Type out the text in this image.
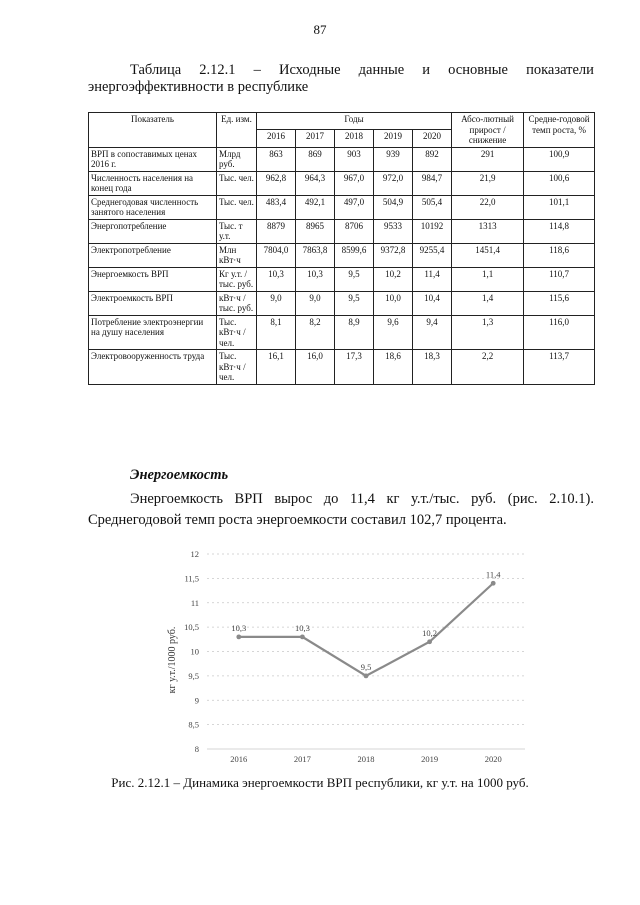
87
Таблица 2.12.1 – Исходные данные и основные показатели
энергоэффективности в республике
Показатель	Ед. изм.	Годы					Абсо-лютный прирост / снижение	Средне-годовой темп роста, %
		2016	2017	2018	2019	2020		
ВРП в сопоставимых ценах 2016 г.	Млрд руб.	863	869	903	939	892	291	100,9
Численность населения на конец года	Тыс. чел.	962,8	964,3	967,0	972,0	984,7	21,9	100,6
Среднегодовая численность занятого населения	Тыс. чел.	483,4	492,1	497,0	504,9	505,4	22,0	101,1
Энергопотребление	Тыс. т у.т.	8879	8965	8706	9533	10192	1313	114,8
Электропотребление	Млн кВт·ч	7804,0	7863,8	8599,6	9372,8	9255,4	1451,4	118,6
Энергоемкость ВРП	Кг у.т. / тыс. руб.	10,3	10,3	9,5	10,2	11,4	1,1	110,7
Электроемкость ВРП	кВт·ч / тыс. руб.	9,0	9,0	9,5	10,0	10,4	1,4	115,6
Потребление электроэнергии на душу населения	Тыс. кВт·ч / чел.	8,1	8,2	8,9	9,6	9,4	1,3	116,0
Электровооруженность труда	Тыс. кВт·ч / чел.	16,1	16,0	17,3	18,6	18,3	2,2	113,7
Энергоемкость
Энергоемкость ВРП вырос до 11,4 кг у.т./тыс. руб. (рис. 2.10.1).
Среднегодовой темп роста энергоемкости составил 102,7 процента.
8
8,5
9
9,5
10
10,5
11
11,5
12
2016	2017	2018	2019	2020
10,3	10,3
9,5
10,2
11,4
кг у.т./1000 руб.
Рис. 2.12.1 – Динамика энергоемкости ВРП республики, кг у.т. на 1000 руб.
